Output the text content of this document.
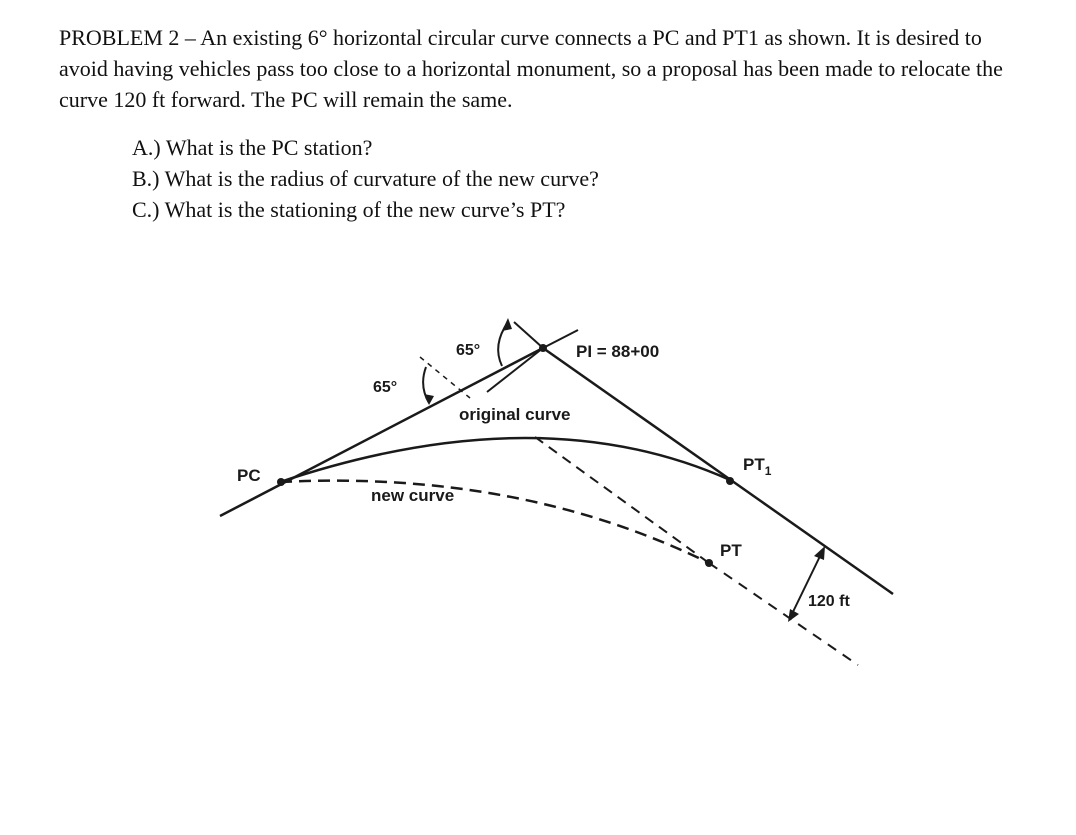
PROBLEM 2 – An existing 6° horizontal circular curve connects a PC and PT1 as shown. It is desired to avoid having vehicles pass too close to a horizontal monument, so a proposal has been made to relocate the curve 120 ft forward. The PC will remain the same.

A.) What is the PC station?
B.) What is the radius of curvature of the new curve?
C.) What is the stationing of the new curve’s PT?
PC
65°
65°
PI = 88+00
original curve
new curve
$PT_1$
PT
120 ft
